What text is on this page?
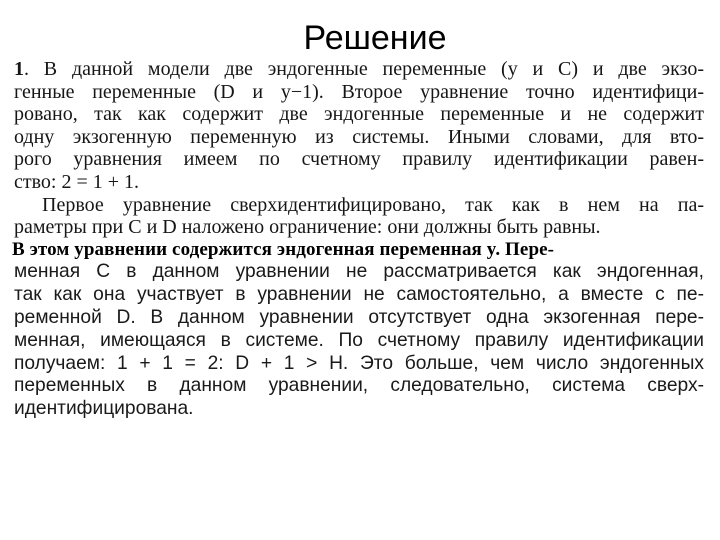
Решение
1. В данной модели две эндогенные переменные (y и C) и две экзо-
генные переменные (D и y−1). Второе уравнение точно идентифици-
ровано, так как содержит две эндогенные переменные и не содержит
одну экзогенную переменную из системы. Иными словами, для вто-
рого уравнения имеем по счетному правилу идентификации равен-
ство: 2 = 1 + 1.
Первое уравнение сверхидентифицировано, так как в нем на па-
раметры при C и D наложено ограничение: они должны быть равны.
В этом уравнении содержится эндогенная переменная y. Пере-
менная C в данном уравнении не рассматривается как эндогенная,
так как она участвует в уравнении не самостоятельно, а вместе с пе-
ременной D. В данном уравнении отсутствует одна экзогенная пере-
менная, имеющаяся в системе. По счетному правилу идентификации
получаем: 1 + 1 = 2: D + 1 > H. Это больше, чем число эндогенных
переменных в данном уравнении, следовательно, система сверх-
идентифицирована.
